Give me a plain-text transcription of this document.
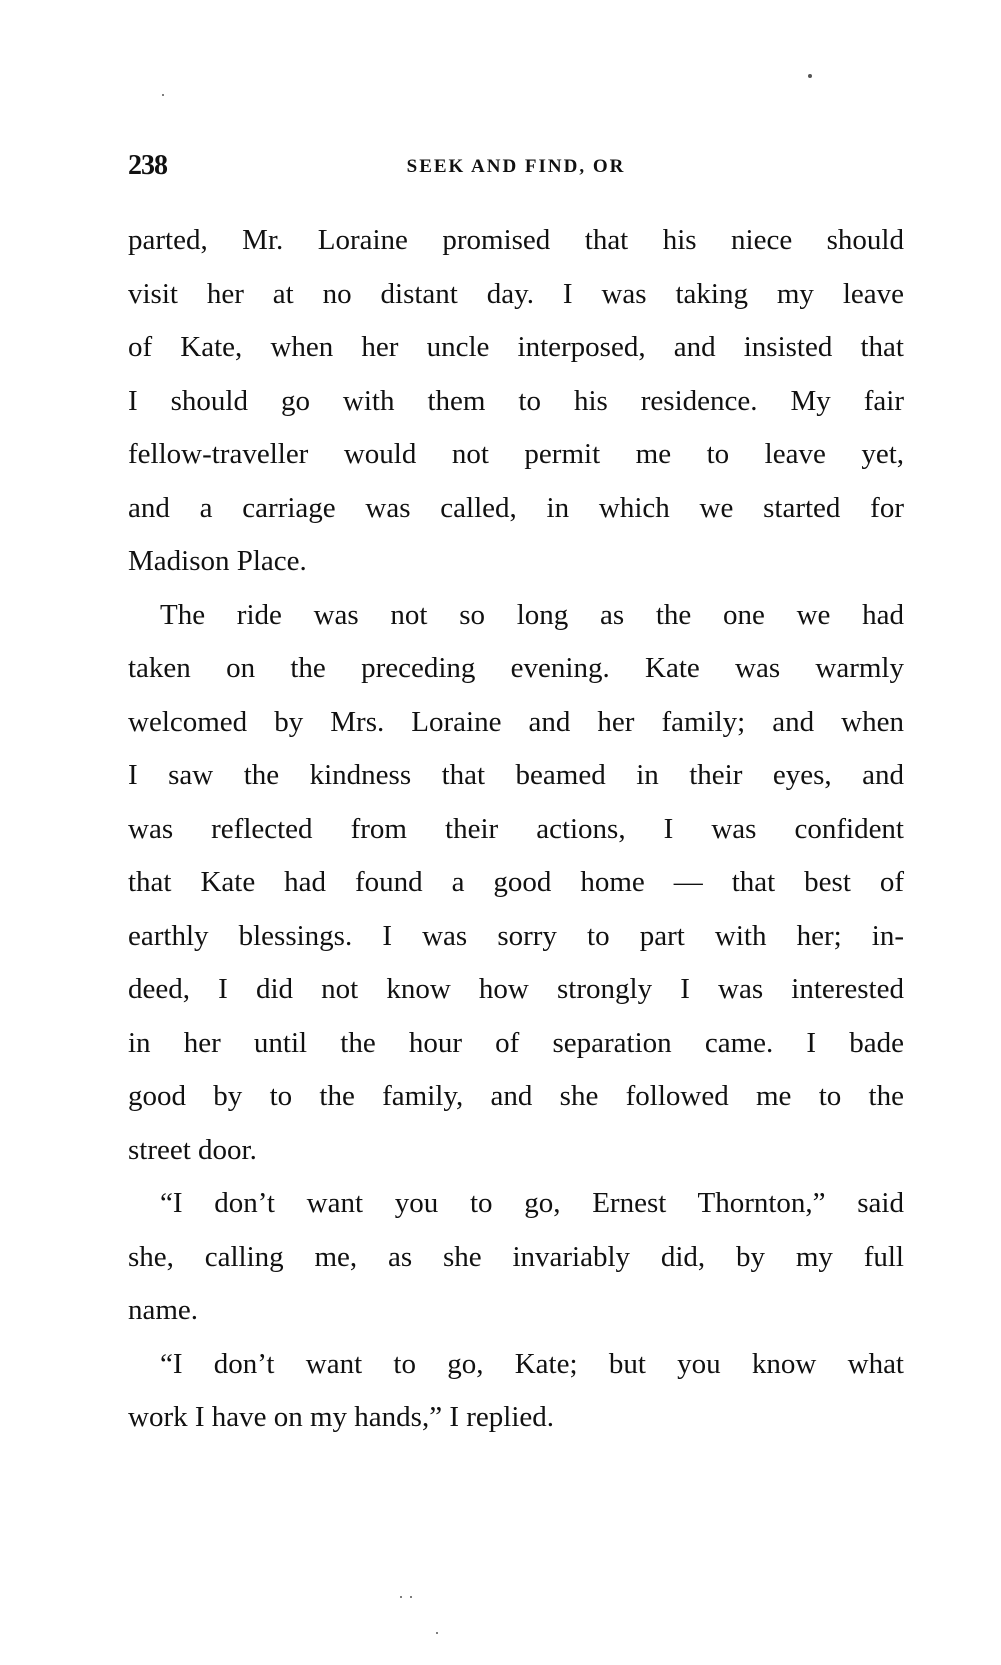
238	SEEK AND FIND, OR

parted, Mr. Loraine promised that his niece should

visit her at no distant day. I was taking my leave

of Kate, when her uncle interposed, and insisted that

I should go with them to his residence. My fair

fellow-traveller would not permit me to leave yet,

and a carriage was called, in which we started for

Madison Place.

The ride was not so long as the one we had

taken on the preceding evening. Kate was warmly

welcomed by Mrs. Loraine and her family; and when

I saw the kindness that beamed in their eyes, and

was reflected from their actions, I was confident

that Kate had found a good home — that best of

earthly blessings. I was sorry to part with her; in-

deed, I did not know how strongly I was interested

in her until the hour of separation came. I bade

good by to the family, and she followed me to the

street door.

“I don’t want you to go, Ernest Thornton,” said

she, calling me, as she invariably did, by my full

name.

“I don’t want to go, Kate; but you know what

work I have on my hands,” I replied.
